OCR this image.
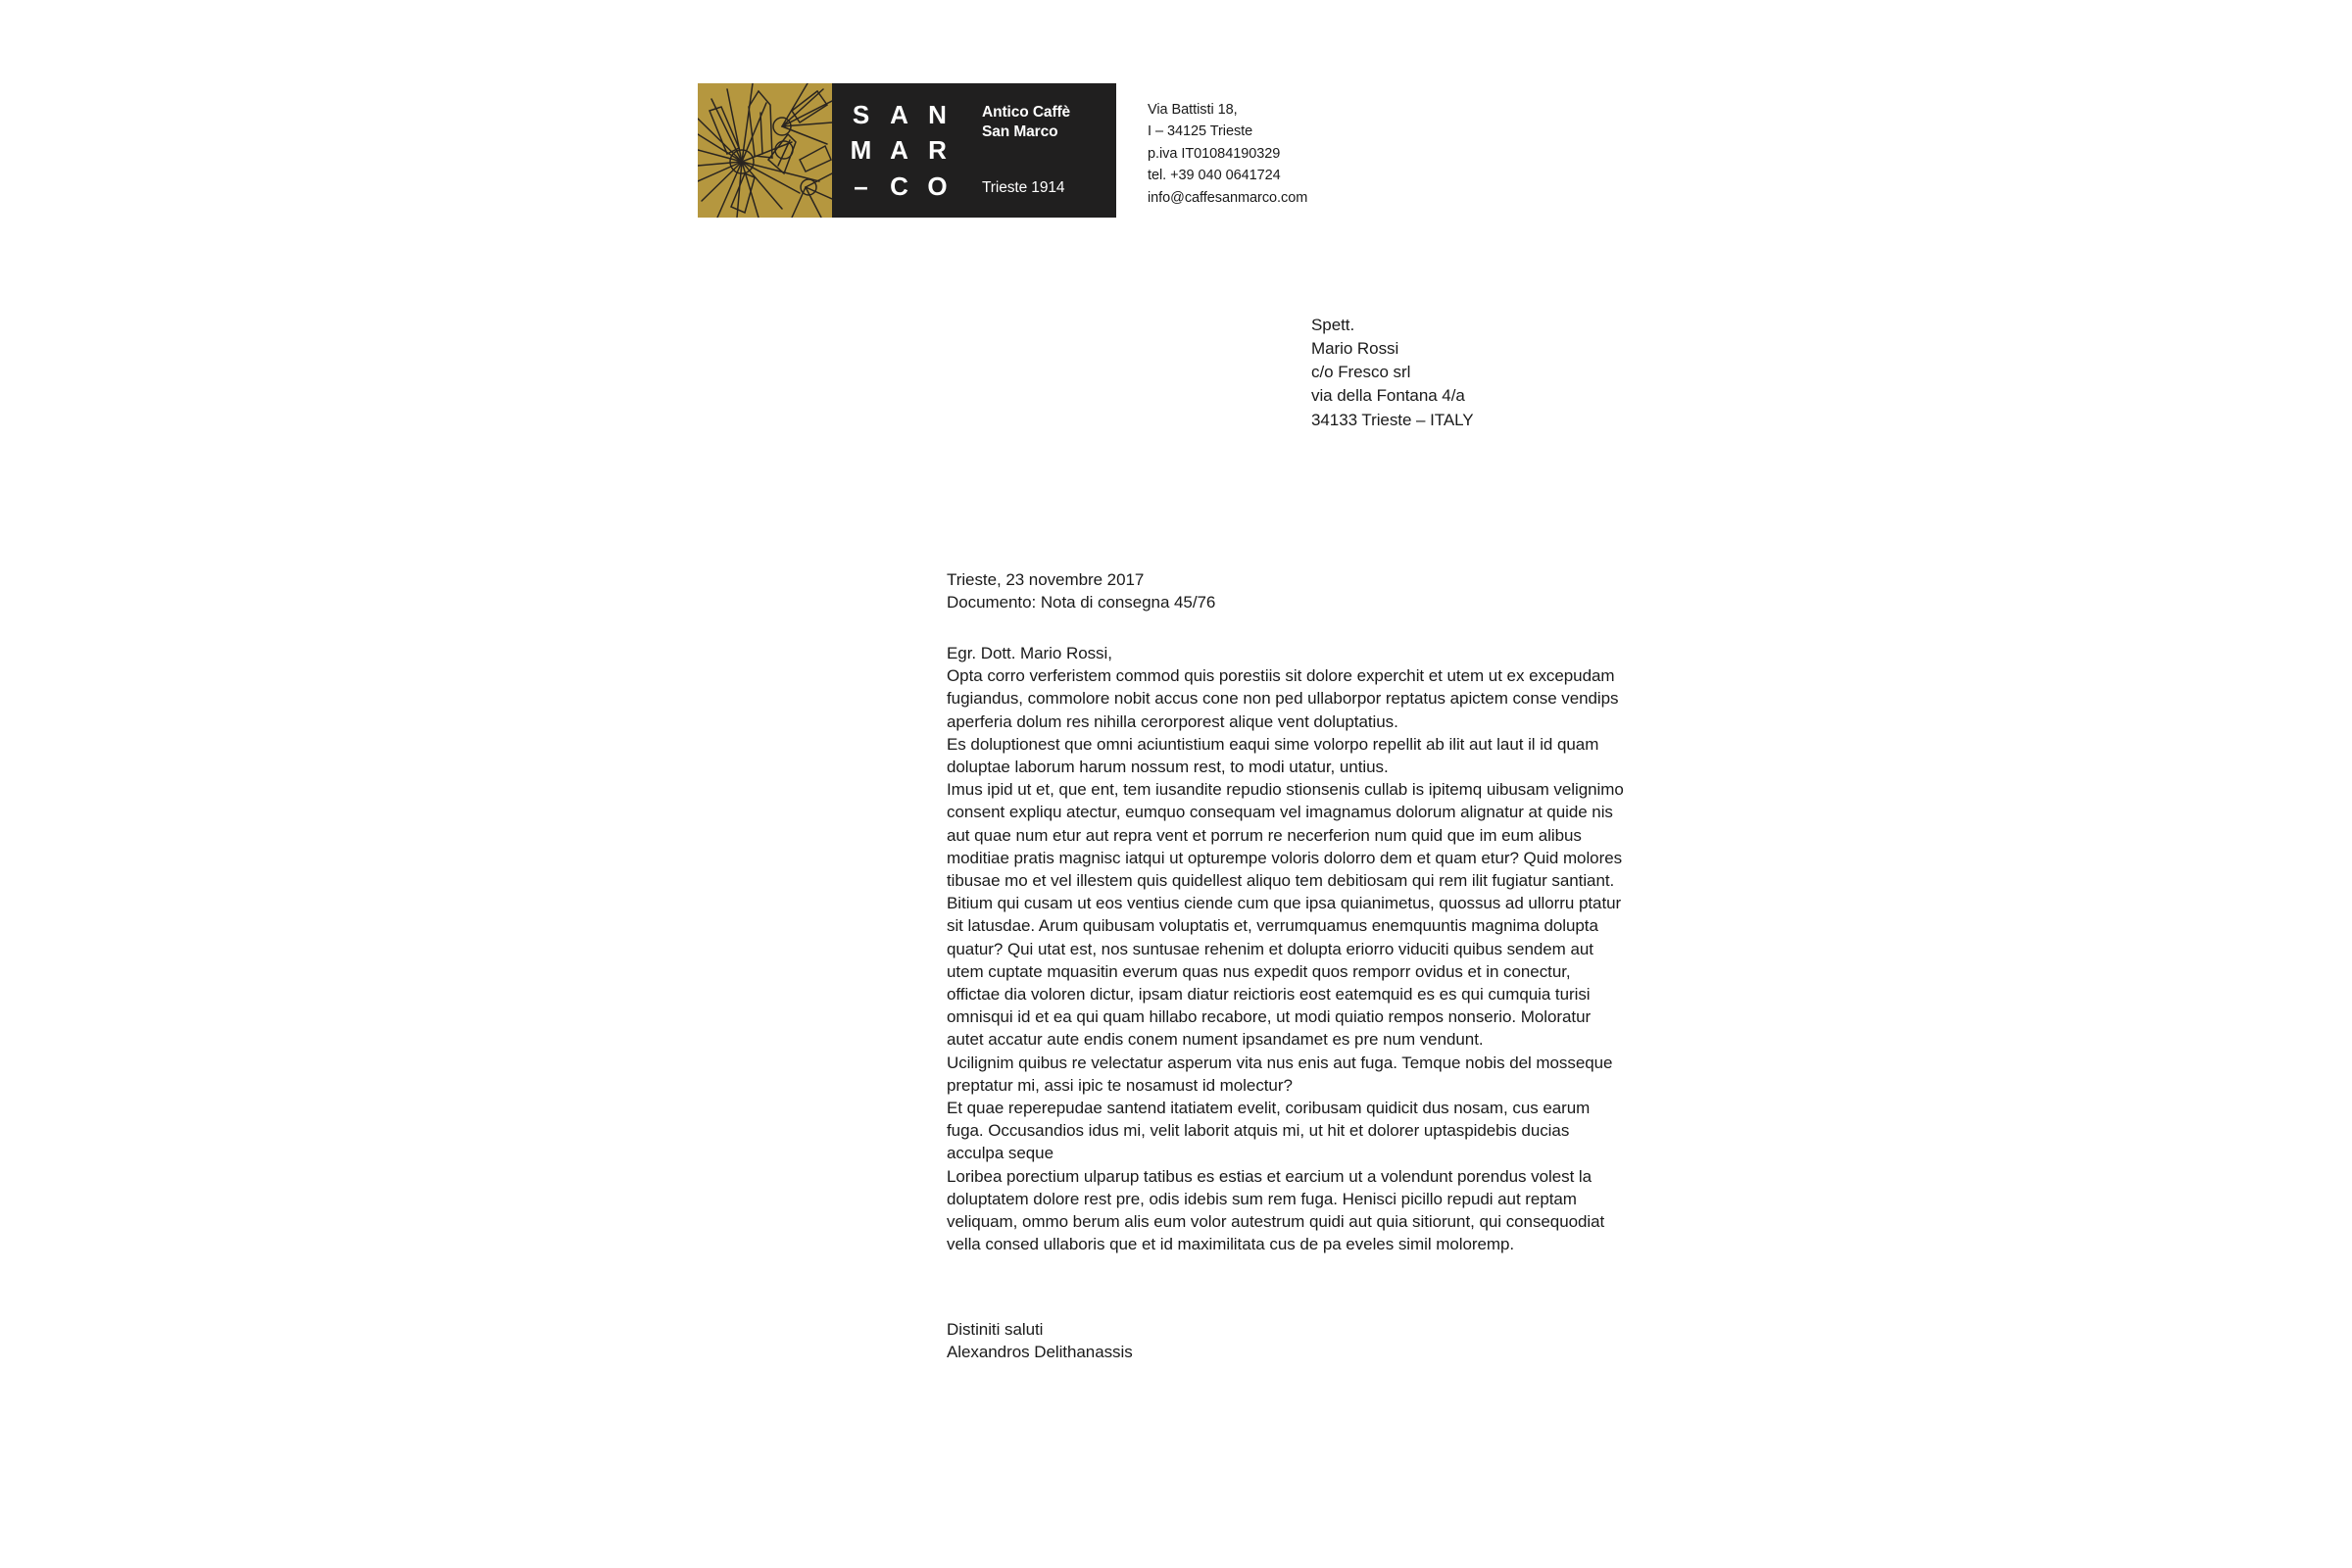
S A N
M A R
– C O
Antico Caffè
San Marco
Trieste 1914
Via Battisti 18,
I – 34125 Trieste
p.iva IT01084190329
tel. +39 040 0641724
info@caffesanmarco.com
Spett.
Mario Rossi
c/o Fresco srl
via della Fontana 4/a
34133 Trieste – ITALY
Trieste, 23 novembre 2017
Documento: Nota di consegna 45/76

Egr. Dott. Mario Rossi,

Opta corro verferistem commod quis porestiis sit dolore experchit et utem ut ex excepudam fugiandus, commolore nobit accus cone non ped ullaborpor reptatus apictem conse vendips aperferia dolum res nihilla cerorporest alique vent doluptatius.

Es doluptionest que omni aciuntistium eaqui sime volorpo repellit ab ilit aut laut il id quam doluptae laborum harum nossum rest, to modi utatur, untius.

Imus ipid ut et, que ent, tem iusandite repudio stionsenis cullab is ipitemq uibusam velignimo consent expliqu atectur, eumquo consequam vel imagnamus dolorum alignatur at quide nis aut quae num etur aut repra vent et porrum re necerferion num quid que im eum alibus moditiae pratis magnisc iatqui ut opturempe voloris dolorro dem et quam etur? Quid molores tibusae mo et vel illestem quis quidellest aliquo tem debitiosam qui rem ilit fugiatur santiant.

Bitium qui cusam ut eos ventius ciende cum que ipsa quianimetus, quossus ad ullorru ptatur sit latusdae. Arum quibusam voluptatis et, verrumquamus enemquuntis magnima dolupta quatur? Qui utat est, nos suntusae rehenim et dolupta eriorro viduciti quibus sendem aut utem cuptate mquasitin everum quas nus expedit quos remporr ovidus et in conectur, offictae dia voloren dictur, ipsam diatur reictioris eost eatemquid es es qui cumquia turisi omnisqui id et ea qui quam hillabo recabore, ut modi quiatio rempos nonserio. Moloratur autet accatur aute endis conem nument ipsandamet es pre num vendunt.

Ucilignim quibus re velectatur asperum vita nus enis aut fuga. Temque nobis del mosseque preptatur mi, assi ipic te nosamust id molectur?

Et quae reperepudae santend itatiatem evelit, coribusam quidicit dus nosam, cus earum fuga. Occusandios idus mi, velit laborit atquis mi, ut hit et dolorer uptaspidebis ducias acculpa seque

Loribea porectium ulparup tatibus es estias et earcium ut a volendunt porendus volest la doluptatem dolore rest pre, odis idebis sum rem fuga. Henisci picillo repudi aut reptam veliquam, ommo berum alis eum volor autestrum quidi aut quia sitiorunt, qui consequodiat vella consed ullaboris que et id maximilitata cus de pa eveles simil moloremp.

Distiniti saluti
Alexandros Delithanassis
